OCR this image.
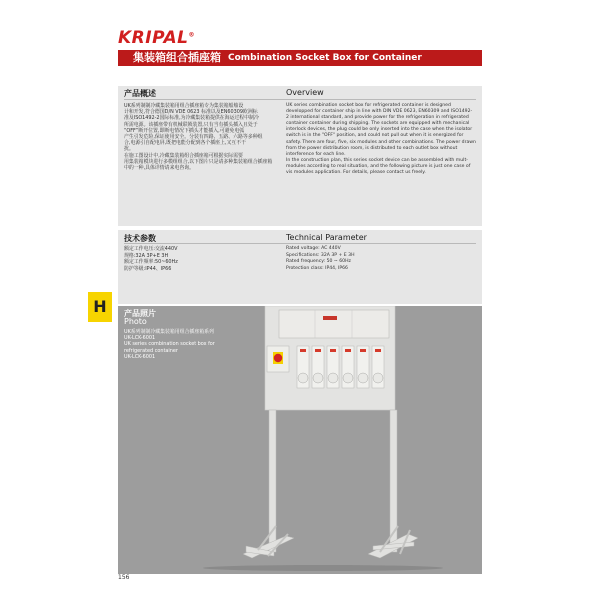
KRIPAL®
集装箱组合插座箱 Combination Socket Box for Container
产品概述	Overview

UK系列制制冷藏集装箱用组合插座箱专为集装箱船舶设

计和开发,符合德国D/N VDE 0623 标准以及EN60309欧洲标

准及ISO1492-2国际标准,为冷藏集装箱提供在海运过程中制冷

所需电源。该插座带有机械联锁装置,只有当有插头插入且处于

“OFF”断开位置,即断电情况下插头才能插入,可避免电弧

产生引发危险,保证使用安全。分装有四路、五路、六路等多种组

合,电源引自配电屏,既把电能分配到各个插座上,又互不干

扰。

在施工图设计中,冷藏集装箱组合插座箱可根据实际需要

用集装箱模块进行多模组组合,以下图片只是请多种集装箱组合插座箱

中的一种,具体详情请来电咨询。

UK series combination socket box for refrigerated container is designed

developped for container ship in line with DIN VDE 0623, EN60309 and ISO1492-

2 international standard, and provide power for the refrigeration in refrigerated

container container during shipping. The sockets are equipped with mechanical

interlock devices, the plug could be only inserted into the case when the isolator

switch is in the "OFF" position, and could not pull out when it is energized for

safety. There are four, five, six modules and other combinations. The power drawn

from the power distribution room, is distributed to each outlet box without

interference for each line.

In the construction plan, this series socket device can be assembled with mult-

modules according to real situation, and the following picture is just one case of

vis modules application. For details, please contact us freely.

技术参数	Technical Parameter

额定工作电压:交流440V

规格:32A 3P+E 3H

额定工作频率:50~60Hz

防护等级:IP44、IP66

Rated voltage: AC 440V

Specifications: 32A 3P + E 3H

Rated frequency: 50 ~ 60Hz

Protection class: IP44, IP66

产品照片
Photo

UK系列制制冷藏集装箱用组合插座箱系列

UK-LCK-6001

UK series combination socket box for

refrigerated container

UK-LCK-6001

156
H
